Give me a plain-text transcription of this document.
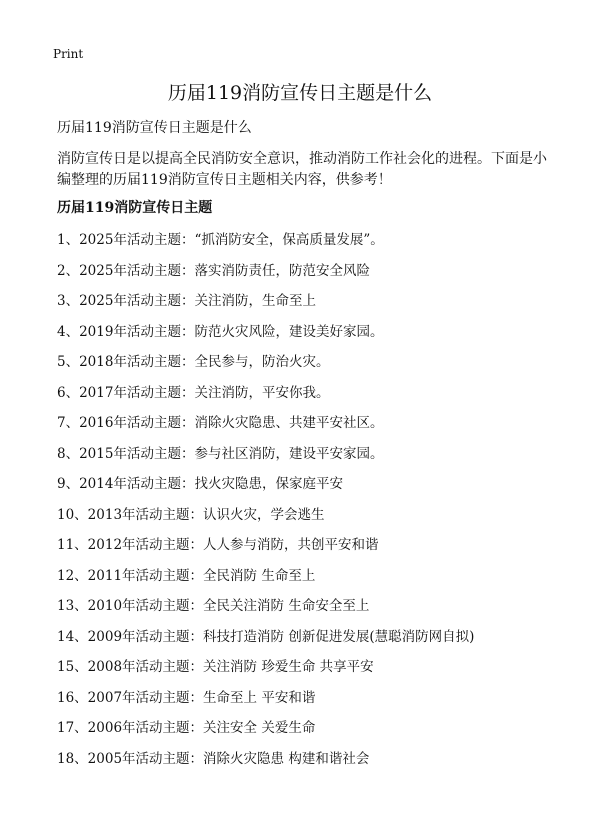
Print
历届119消防宣传日主题是什么
历届119消防宣传日主题是什么
消防宣传日是以提高全民消防安全意识，推动消防工作社会化的进程。下面是小编整理的历届119消防宣传日主题相关内容，供参考！
历届119消防宣传日主题
1、2025年活动主题：“抓消防安全，保高质量发展”。
2、2025年活动主题：落实消防责任，防范安全风险
3、2025年活动主题：关注消防，生命至上
4、2019年活动主题：防范火灾风险，建设美好家园。
5、2018年活动主题：全民参与，防治火灾。
6、2017年活动主题：关注消防，平安你我。
7、2016年活动主题：消除火灾隐患、共建平安社区。
8、2015年活动主题：参与社区消防，建设平安家园。
9、2014年活动主题：找火灾隐患，保家庭平安
10、2013年活动主题：认识火灾，学会逃生
11、2012年活动主题：人人参与消防，共创平安和谐
12、2011年活动主题：全民消防 生命至上
13、2010年活动主题：全民关注消防 生命安全至上
14、2009年活动主题：科技打造消防 创新促进发展(慧聪消防网自拟)
15、2008年活动主题：关注消防 珍爱生命 共享平安
16、2007年活动主题：生命至上 平安和谐
17、2006年活动主题：关注安全 关爱生命
18、2005年活动主题：消除火灾隐患 构建和谐社会
